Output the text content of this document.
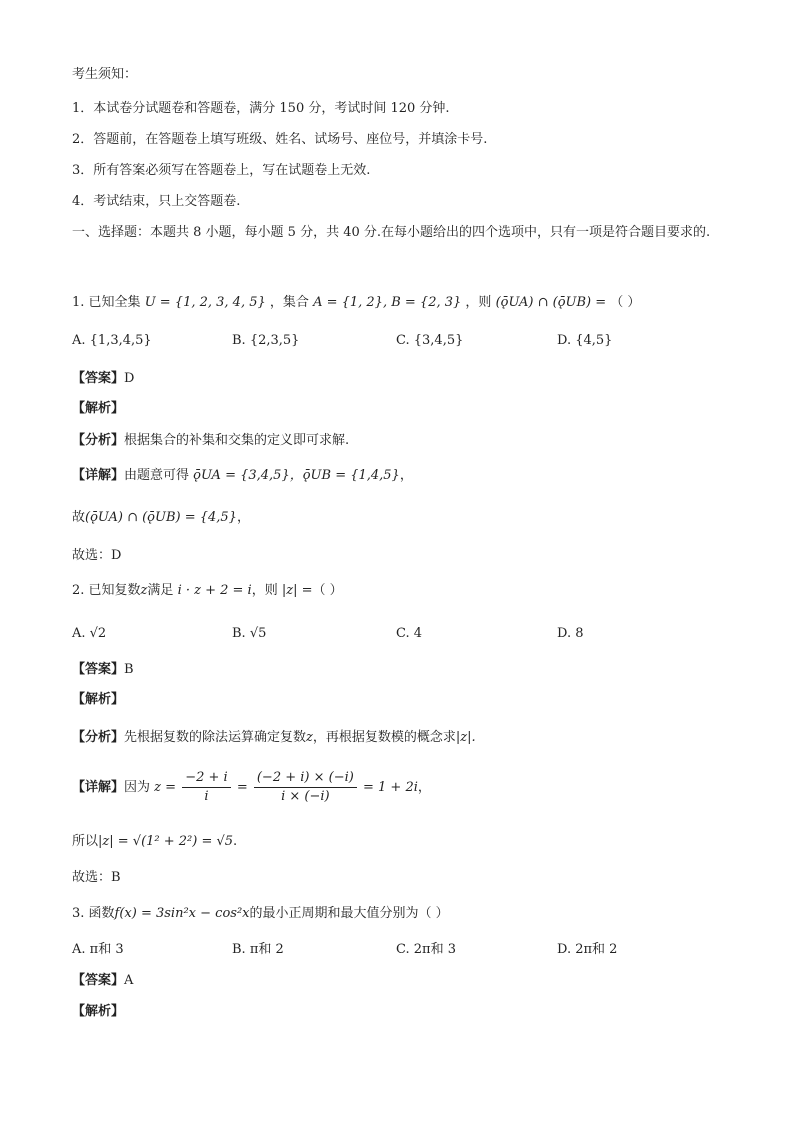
考生须知：
1．本试卷分试题卷和答题卷，满分 150 分，考试时间 120 分钟.
2．答题前，在答题卷上填写班级、姓名、试场号、座位号，并填涂卡号.
3．所有答案必须写在答题卷上，写在试题卷上无效.
4．考试结束，只上交答题卷.
一、选择题：本题共 8 小题，每小题 5 分，共 40 分.在每小题给出的四个选项中，只有一项是符合题目要求的.
1. 已知全集 U = {1, 2, 3, 4, 5} ，集合 A = {1, 2}, B = {2, 3} ，则 (ǭUA) ∩ (ǭUB) = （ ）
A. {1,3,4,5}	B. {2,3,5}	C. {3,4,5}	D. {4,5}
【答案】D
【解析】
【分析】根据集合的补集和交集的定义即可求解.
【详解】由题意可得 ǭUA = {3,4,5}，ǭUB = {1,4,5}，
故(ǭUA) ∩ (ǭUB) = {4,5}，
故选：D
2. 已知复数z满足 i · z + 2 = i，则 |z| =（ ）
A. √2	B. √5	C. 4	D. 8
【答案】B
【解析】
【分析】先根据复数的除法运算确定复数z，再根据复数模的概念求|z|.
【详解】因为 $z = \frac{-2 + i}{i} = \frac{(-2 + i) \times (-i)}{i \times (-i)} = 1 + 2i$，
所以|z| = √(1² + 2²) = √5.
故选：B
3. 函数f(x) = 3sin²x − cos²x的最小正周期和最大值分别为（ ）
A. π和 3	B. π和 2	C. 2π和 3	D. 2π和 2
【答案】A
【解析】
